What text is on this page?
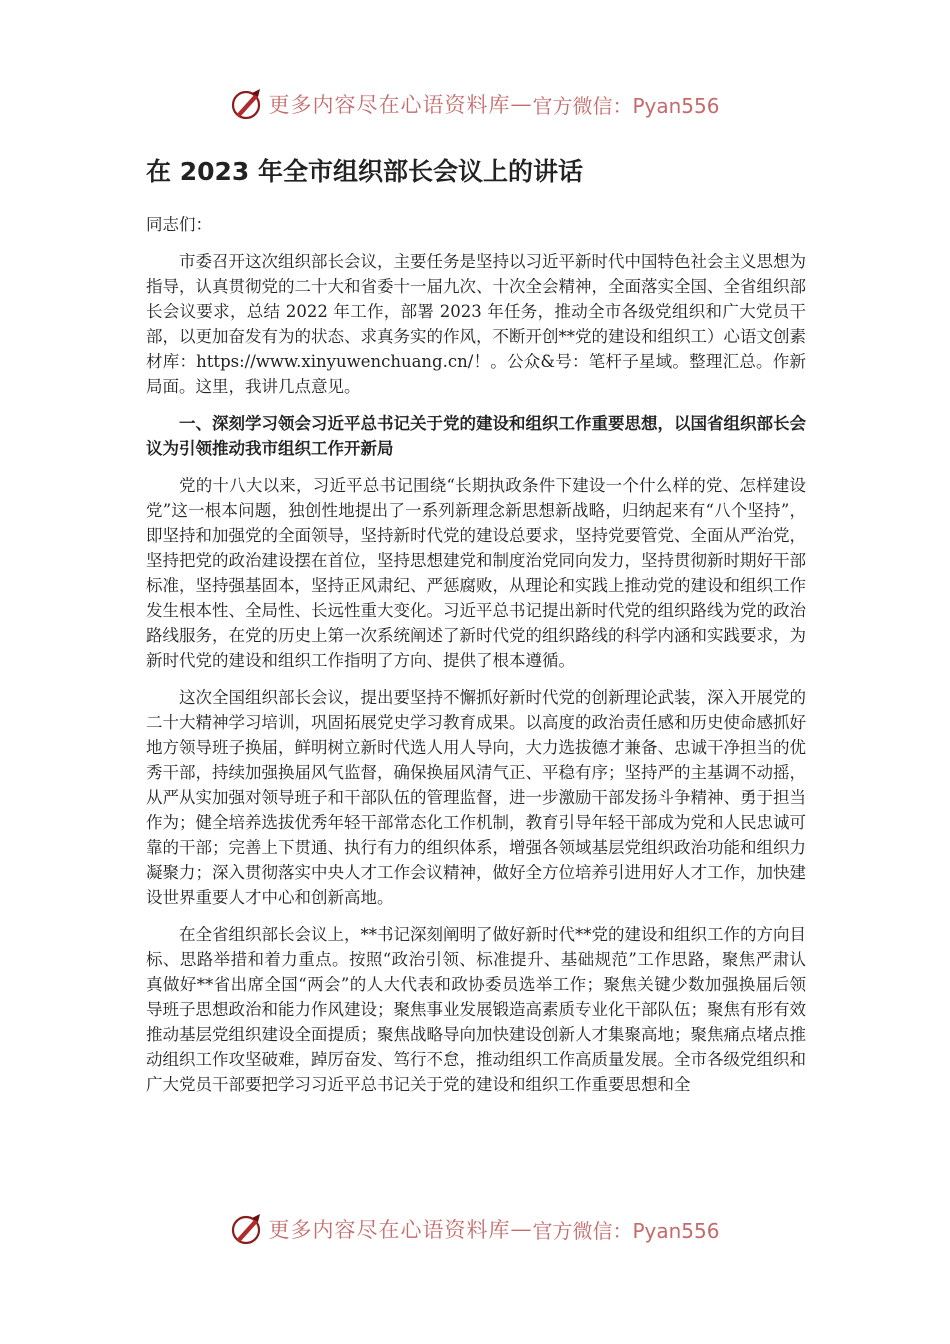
更多内容尽在心语资料库 — 官方微信：Pyan556
在 2023 年全市组织部长会议上的讲话
同志们：

市委召开这次组织部长会议，主要任务是坚持以习近平新时代中国特色社会主义思想为指导，认真贯彻党的二十大和省委十一届九次、十次全会精神，全面落实全国、全省组织部长会议要求，总结 2022 年工作，部署 2023 年任务，推动全市各级党组织和广大党员干部，以更加奋发有为的状态、求真务实的作风，不断开创**党的建设和组织工）心语文创素材库：https://www.xinyuwenchuang.cn/！。公众&号：笔杆子星域。整理汇总。作新局面。这里，我讲几点意见。

一、深刻学习领会习近平总书记关于党的建设和组织工作重要思想，以国省组织部长会议为引领推动我市组织工作开新局

党的十八大以来，习近平总书记围绕“长期执政条件下建设一个什么样的党、怎样建设党”这一根本问题，独创性地提出了一系列新理念新思想新战略，归纳起来有“八个坚持”，即坚持和加强党的全面领导，坚持新时代党的建设总要求，坚持党要管党、全面从严治党，坚持把党的政治建设摆在首位，坚持思想建党和制度治党同向发力，坚持贯彻新时期好干部标准，坚持强基固本，坚持正风肃纪、严惩腐败，从理论和实践上推动党的建设和组织工作发生根本性、全局性、长远性重大变化。习近平总书记提出新时代党的组织路线为党的政治路线服务，在党的历史上第一次系统阐述了新时代党的组织路线的科学内涵和实践要求，为新时代党的建设和组织工作指明了方向、提供了根本遵循。

这次全国组织部长会议，提出要坚持不懈抓好新时代党的创新理论武装，深入开展党的二十大精神学习培训，巩固拓展党史学习教育成果。以高度的政治责任感和历史使命感抓好地方领导班子换届，鲜明树立新时代选人用人导向，大力选拔德才兼备、忠诚干净担当的优秀干部，持续加强换届风气监督，确保换届风清气正、平稳有序；坚持严的主基调不动摇，从严从实加强对领导班子和干部队伍的管理监督，进一步激励干部发扬斗争精神、勇于担当作为；健全培养选拔优秀年轻干部常态化工作机制，教育引导年轻干部成为党和人民忠诚可靠的干部；完善上下贯通、执行有力的组织体系，增强各领域基层党组织政治功能和组织力凝聚力；深入贯彻落实中央人才工作会议精神，做好全方位培养引进用好人才工作，加快建设世界重要人才中心和创新高地。

在全省组织部长会议上，**书记深刻阐明了做好新时代**党的建设和组织工作的方向目标、思路举措和着力重点。按照“政治引领、标准提升、基础规范”工作思路，聚焦严肃认真做好**省出席全国“两会”的人大代表和政协委员选举工作；聚焦关键少数加强换届后领导班子思想政治和能力作风建设；聚焦事业发展锻造高素质专业化干部队伍；聚焦有形有效推动基层党组织建设全面提质；聚焦战略导向加快建设创新人才集聚高地；聚焦痛点堵点推动组织工作攻坚破难，踔厉奋发、笃行不怠，推动组织工作高质量发展。全市各级党组织和广大党员干部要把学习习近平总书记关于党的建设和组织工作重要思想和全

更多内容尽在心语资料库 — 官方微信：Pyan556
